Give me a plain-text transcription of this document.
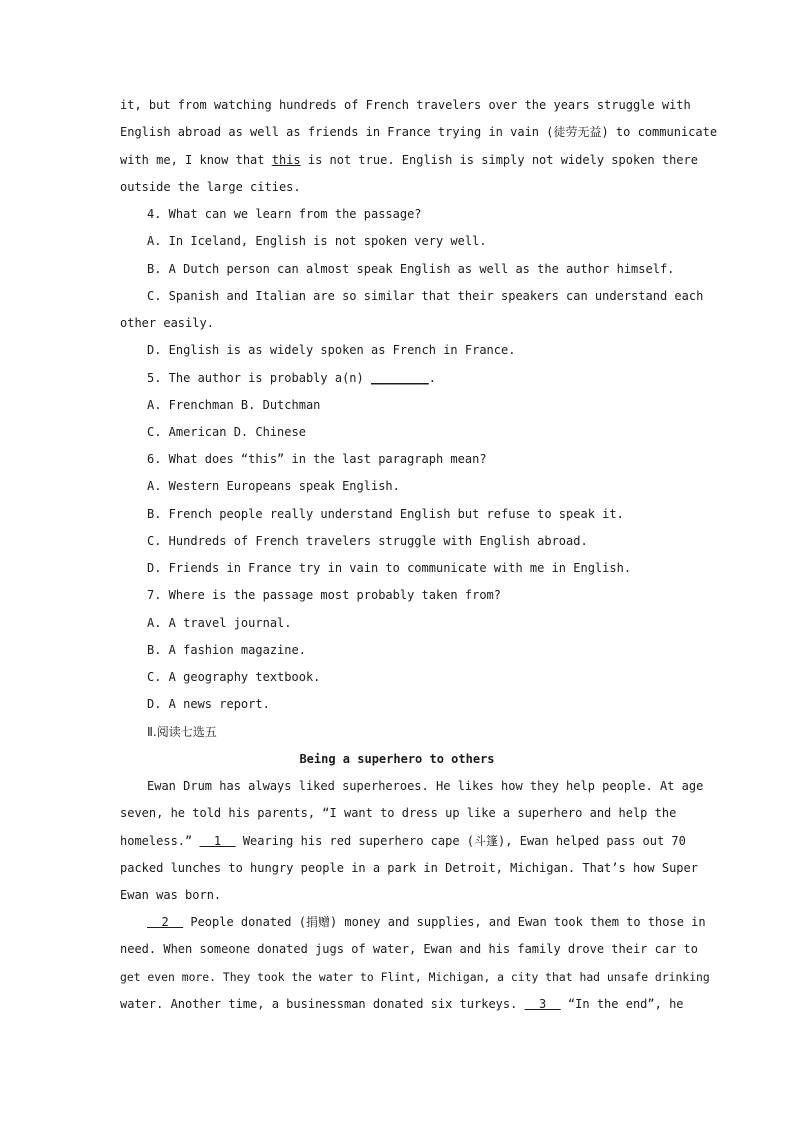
it, but from watching hundreds of French travelers over the years struggle with
English abroad as well as friends in France trying in vain (徒劳无益) to communicate
with me, I know that this is not true. English is simply not widely spoken there
outside the large cities.
4. What can we learn from the passage?
A. In Iceland, English is not spoken very well.
B. A Dutch person can almost speak English as well as the author himself.
C. Spanish and Italian are so similar that their speakers can understand each
other easily.
D. English is as widely spoken as French in France.
5. The author is probably a(n) ________.
A. Frenchman B. Dutchman
C. American D. Chinese
6. What does “this” in the last paragraph mean?
A. Western Europeans speak English.
B. French people really understand English but refuse to speak it.
C. Hundreds of French travelers struggle with English abroad.
D. Friends in France try in vain to communicate with me in English.
7. Where is the passage most probably taken from?
A. A travel journal.
B. A fashion magazine.
C. A geography textbook.
D. A news report.
Ⅱ.阅读七选五
Being a superhero to others
Ewan Drum has always liked superheroes. He likes how they help people. At age
seven, he told his parents, “I want to dress up like a superhero and help the
homeless.”   1   Wearing his red superhero cape (斗篷), Ewan helped pass out 70
packed lunches to hungry people in a park in Detroit, Michigan. That’s how Super
Ewan was born.
2   People donated (捐赠) money and supplies, and Ewan took them to those in
need. When someone donated jugs of water, Ewan and his family drove their car to
get even more. They took the water to Flint, Michigan, a city that had unsafe drinking
water. Another time, a businessman donated six turkeys.   3   “In the end”, he
